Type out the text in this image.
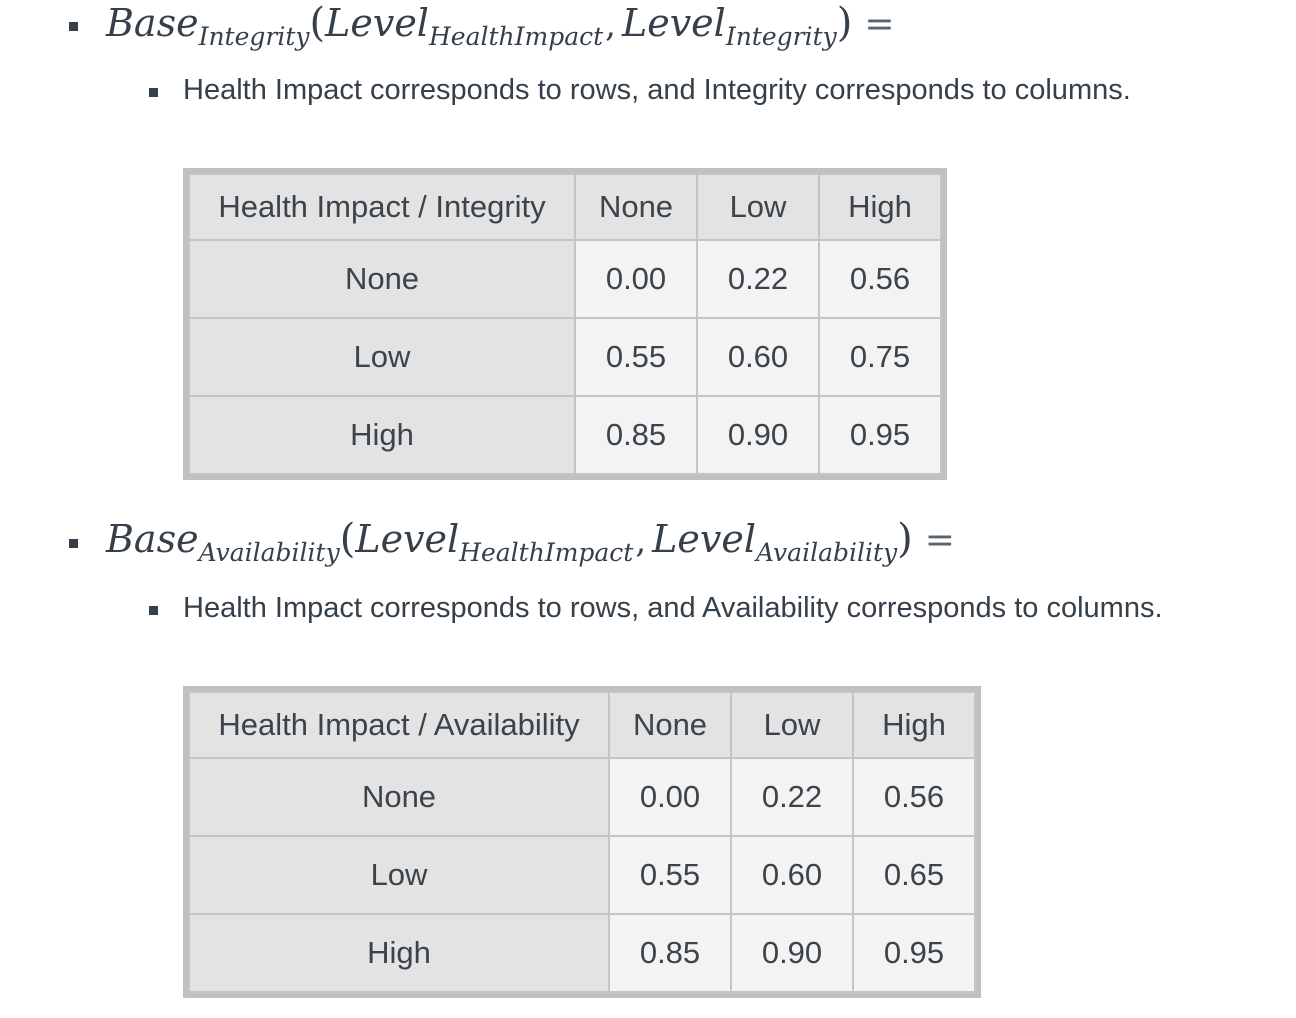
Base$_{Integrity}$(Level$_{HealthImpact}$, Level$_{Integrity}$) =
Health Impact corresponds to rows, and Integrity corresponds to columns.
Health Impact / Integrity	None	Low	High
None	0.00	0.22	0.56
Low	0.55	0.60	0.75
High	0.85	0.90	0.95
Base$_{Availability}$(Level$_{HealthImpact}$, Level$_{Availability}$) =
Health Impact corresponds to rows, and Availability corresponds to columns.
Health Impact / Availability	None	Low	High
None	0.00	0.22	0.56
Low	0.55	0.60	0.65
High	0.85	0.90	0.95
